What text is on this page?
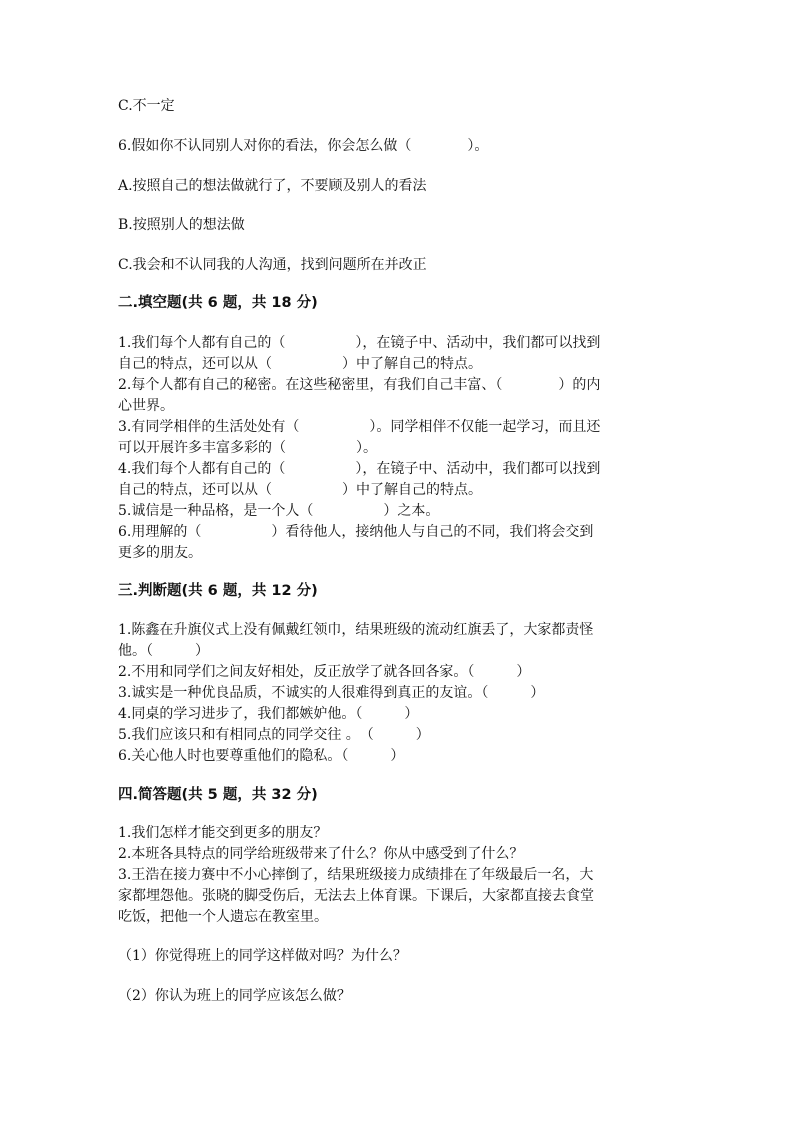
C.不一定
6.假如你不认同别人对你的看法，你会怎么做（　　　　）。
A.按照自己的想法做就行了，不要顾及别人的看法
B.按照别人的想法做
C.我会和不认同我的人沟通，找到问题所在并改正
二.填空题(共 6 题，共 18 分)
1.我们每个人都有自己的（　　　　　），在镜子中、活动中，我们都可以找到
自己的特点，还可以从（　　　　　）中了解自己的特点。
2.每个人都有自己的秘密。在这些秘密里，有我们自己丰富、（　　　　）的内
心世界。
3.有同学相伴的生活处处有（　　　　　）。同学相伴不仅能一起学习，而且还
可以开展许多丰富多彩的（　　　　　）。
4.我们每个人都有自己的（　　　　　），在镜子中、活动中，我们都可以找到
自己的特点，还可以从（　　　　　）中了解自己的特点。
5.诚信是一种品格，是一个人（　　　　　）之本。
6.用理解的（　　　　　）看待他人，接纳他人与自己的不同，我们将会交到
更多的朋友。
三.判断题(共 6 题，共 12 分)
1.陈鑫在升旗仪式上没有佩戴红领巾，结果班级的流动红旗丢了，大家都责怪
他。（　　　）
2.不用和同学们之间友好相处，反正放学了就各回各家。（　　　）
3.诚实是一种优良品质，不诚实的人很难得到真正的友谊。（　　　）
4.同桌的学习进步了，我们都嫉妒他。（　　　）
5.我们应该只和有相同点的同学交往 。　（　　　）
6.关心他人时也要尊重他们的隐私。（　　　）
四.简答题(共 5 题，共 32 分)
1.我们怎样才能交到更多的朋友？
2.本班各具特点的同学给班级带来了什么？你从中感受到了什么？
3.王浩在接力赛中不小心摔倒了，结果班级接力成绩排在了年级最后一名，大
家都埋怨他。张晓的脚受伤后，无法去上体育课。下课后，大家都直接去食堂
吃饭，把他一个人遗忘在教室里。
（1）你觉得班上的同学这样做对吗？为什么？
（2）你认为班上的同学应该怎么做？
